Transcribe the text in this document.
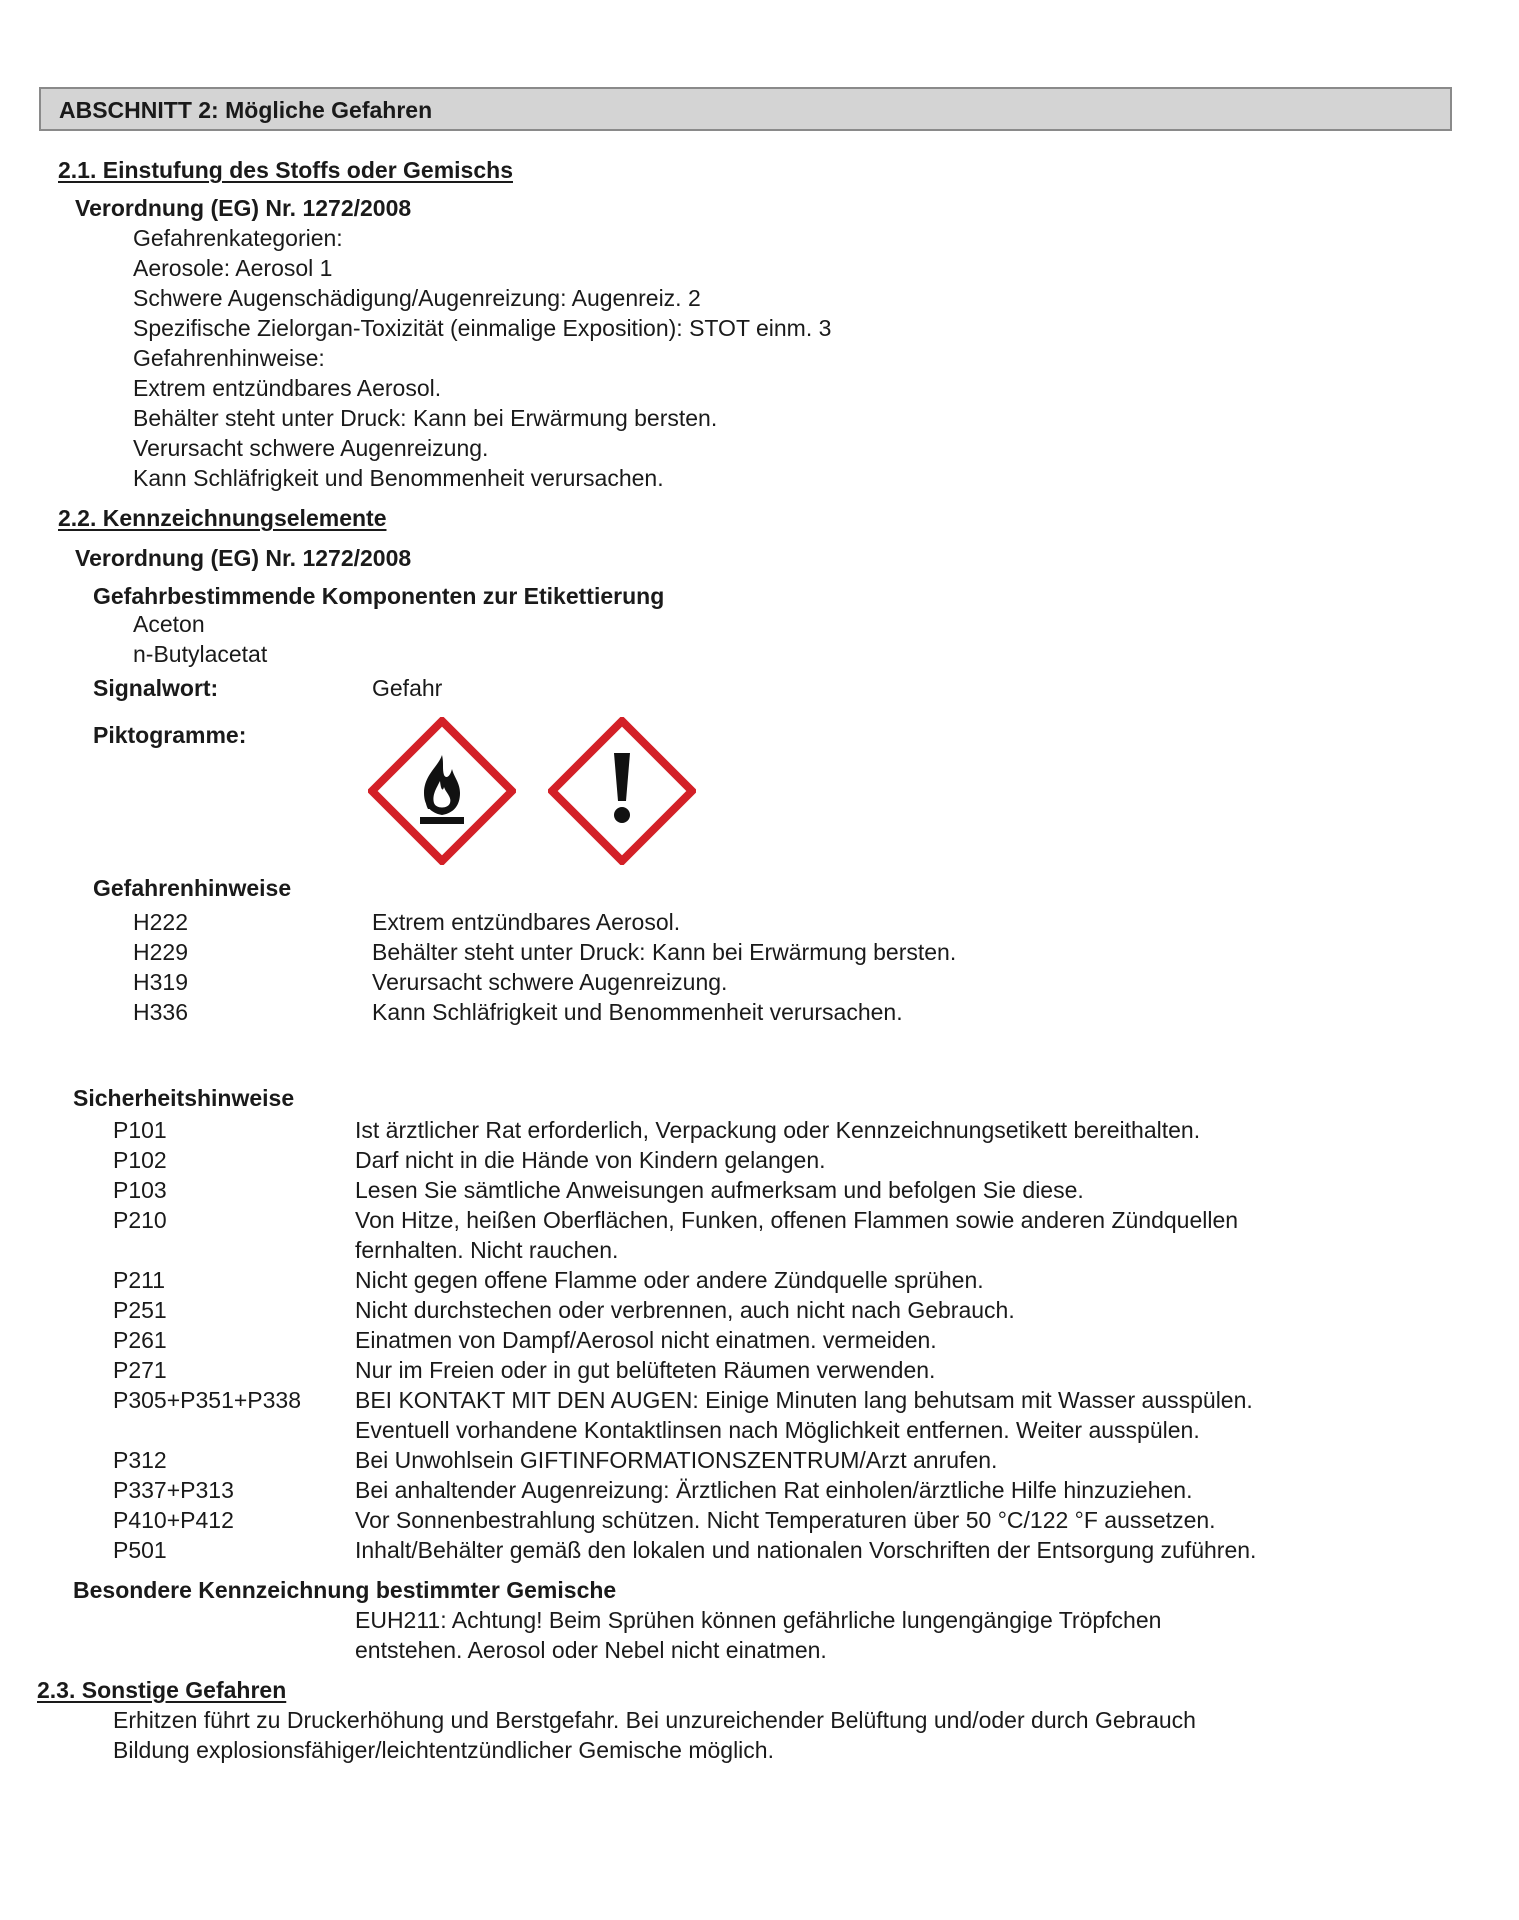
ABSCHNITT 2: Mögliche Gefahren
2.1. Einstufung des Stoffs oder Gemischs
Verordnung (EG) Nr. 1272/2008
Gefahrenkategorien:
Aerosole: Aerosol 1
Schwere Augenschädigung/Augenreizung: Augenreiz. 2
Spezifische Zielorgan-Toxizität (einmalige Exposition): STOT einm. 3
Gefahrenhinweise:
Extrem entzündbares Aerosol.
Behälter steht unter Druck: Kann bei Erwärmung bersten.
Verursacht schwere Augenreizung.
Kann Schläfrigkeit und Benommenheit verursachen.
2.2. Kennzeichnungselemente
Verordnung (EG) Nr. 1272/2008
Gefahrbestimmende Komponenten zur Etikettierung
Aceton
n-Butylacetat
Signalwort:	Gefahr
Piktogramme:
Gefahrenhinweise
H222	Extrem entzündbares Aerosol.
H229	Behälter steht unter Druck: Kann bei Erwärmung bersten.
H319	Verursacht schwere Augenreizung.
H336	Kann Schläfrigkeit und Benommenheit verursachen.
Sicherheitshinweise
P101	Ist ärztlicher Rat erforderlich, Verpackung oder Kennzeichnungsetikett bereithalten.
P102	Darf nicht in die Hände von Kindern gelangen.
P103	Lesen Sie sämtliche Anweisungen aufmerksam und befolgen Sie diese.
P210	Von Hitze, heißen Oberflächen, Funken, offenen Flammen sowie anderen Zündquellen
fernhalten. Nicht rauchen.
P211	Nicht gegen offene Flamme oder andere Zündquelle sprühen.
P251	Nicht durchstechen oder verbrennen, auch nicht nach Gebrauch.
P261	Einatmen von Dampf/Aerosol nicht einatmen. vermeiden.
P271	Nur im Freien oder in gut belüfteten Räumen verwenden.
P305+P351+P338 BEI KONTAKT MIT DEN AUGEN: Einige Minuten lang behutsam mit Wasser ausspülen.
Eventuell vorhandene Kontaktlinsen nach Möglichkeit entfernen. Weiter ausspülen.
P312	Bei Unwohlsein GIFTINFORMATIONSZENTRUM/Arzt anrufen.
P337+P313	Bei anhaltender Augenreizung: Ärztlichen Rat einholen/ärztliche Hilfe hinzuziehen.
P410+P412	Vor Sonnenbestrahlung schützen. Nicht Temperaturen über 50 °C/122 °F aussetzen.
P501	Inhalt/Behälter gemäß den lokalen und nationalen Vorschriften der Entsorgung zuführen.
Besondere Kennzeichnung bestimmter Gemische
EUH211: Achtung! Beim Sprühen können gefährliche lungengängige Tröpfchen
entstehen. Aerosol oder Nebel nicht einatmen.
2.3. Sonstige Gefahren
Erhitzen führt zu Druckerhöhung und Berstgefahr. Bei unzureichender Belüftung und/oder durch Gebrauch
Bildung explosionsfähiger/leichtentzündlicher Gemische möglich.
